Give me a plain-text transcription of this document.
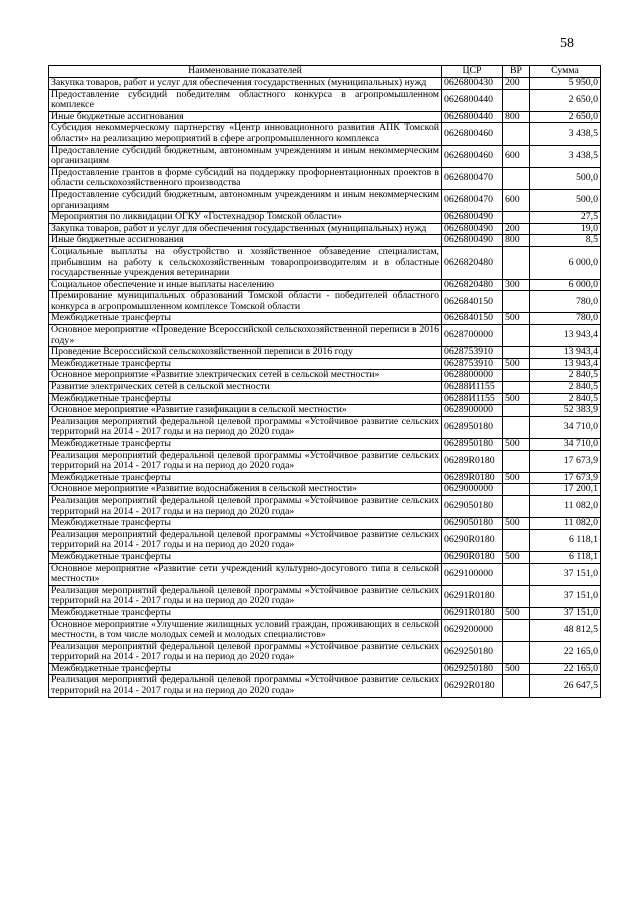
58
Наименование показателей	ЦСР	ВР	Сумма
Закупка товаров, работ и услуг для обеспечения государственных (муниципальных) нужд	0626800430	200	5 950,0
Предоставление субсидий победителям областного конкурса в агропромышленном комплексе	0626800440		2 650,0
Иные бюджетные ассигнования	0626800440	800	2 650,0
Субсидия некоммерческому партнерству «Центр инновационного развития АПК Томской области» на реализацию мероприятий в сфере агропромышленного комплекса	0626800460		3 438,5
Предоставление субсидий бюджетным, автономным учреждениям и иным некоммерческим организациям	0626800460	600	3 438,5
Предоставление грантов в форме субсидий на поддержку профориентационных проектов в области сельскохозяйственного производства	0626800470		500,0
Предоставление субсидий бюджетным, автономным учреждениям и иным некоммерческим организациям	0626800470	600	500,0
Мероприятия по ликвидации ОГКУ «Гостехнадзор Томской области»	0626800490		27,5
Закупка товаров, работ и услуг для обеспечения государственных (муниципальных) нужд	0626800490	200	19,0
Иные бюджетные ассигнования	0626800490	800	8,5
Социальные выплаты на обустройство и хозяйственное обзаведение специалистам, прибывшим на работу к сельскохозяйственным товаропроизводителям и в областные государственные учреждения ветеринарии	0626820480		6 000,0
Социальное обеспечение и иные выплаты населению	0626820480	300	6 000,0
Премирование муниципальных образований Томской области - победителей областного конкурса в агропромышленном комплексе Томской области	0626840150		780,0
Межбюджетные трансферты	0626840150	500	780,0
Основное мероприятие «Проведение Всероссийской сельскохозяйственной переписи в 2016 году»	0628700000		13 943,4
Проведение Всероссийской сельскохозяйственной переписи в 2016 году	0628753910		13 943,4
Межбюджетные трансферты	0628753910	500	13 943,4
Основное мероприятие «Развитие электрических сетей в сельской местности»	0628800000		2 840,5
Развитие электрических сетей в сельской местности	06288И1155		2 840,5
Межбюджетные трансферты	06288И1155	500	2 840,5
Основное мероприятие «Развитие газификации в сельской местности»	0628900000		52 383,9
Реализация мероприятий федеральной целевой программы «Устойчивое развитие сельских территорий на 2014 - 2017 годы и на период до 2020 года»	0628950180		34 710,0
Межбюджетные трансферты	0628950180	500	34 710,0
Реализация мероприятий федеральной целевой программы «Устойчивое развитие сельских территорий на 2014 - 2017 годы и на период до 2020 года»	06289R0180		17 673,9
Межбюджетные трансферты	06289R0180	500	17 673,9
Основное мероприятие «Развитие водоснабжения в сельской местности»	0629000000		17 200,1
Реализация мероприятий федеральной целевой программы «Устойчивое развитие сельских территорий на 2014 - 2017 годы и на период до 2020 года»	0629050180		11 082,0
Межбюджетные трансферты	0629050180	500	11 082,0
Реализация мероприятий федеральной целевой программы «Устойчивое развитие сельских территорий на 2014 - 2017 годы и на период до 2020 года»	06290R0180		6 118,1
Межбюджетные трансферты	06290R0180	500	6 118,1
Основное мероприятие «Развитие сети учреждений культурно-досугового типа в сельской местности»	0629100000		37 151,0
Реализация мероприятий федеральной целевой программы «Устойчивое развитие сельских территорий на 2014 - 2017 годы и на период до 2020 года»	06291R0180		37 151,0
Межбюджетные трансферты	06291R0180	500	37 151,0
Основное мероприятие «Улучшение жилищных условий граждан, проживающих в сельской местности, в том числе молодых семей и молодых специалистов»	0629200000		48 812,5
Реализация мероприятий федеральной целевой программы «Устойчивое развитие сельских территорий на 2014 - 2017 годы и на период до 2020 года»	0629250180		22 165,0
Межбюджетные трансферты	0629250180	500	22 165,0
Реализация мероприятий федеральной целевой программы «Устойчивое развитие сельских территорий на 2014 - 2017 годы и на период до 2020 года»	06292R0180		26 647,5
